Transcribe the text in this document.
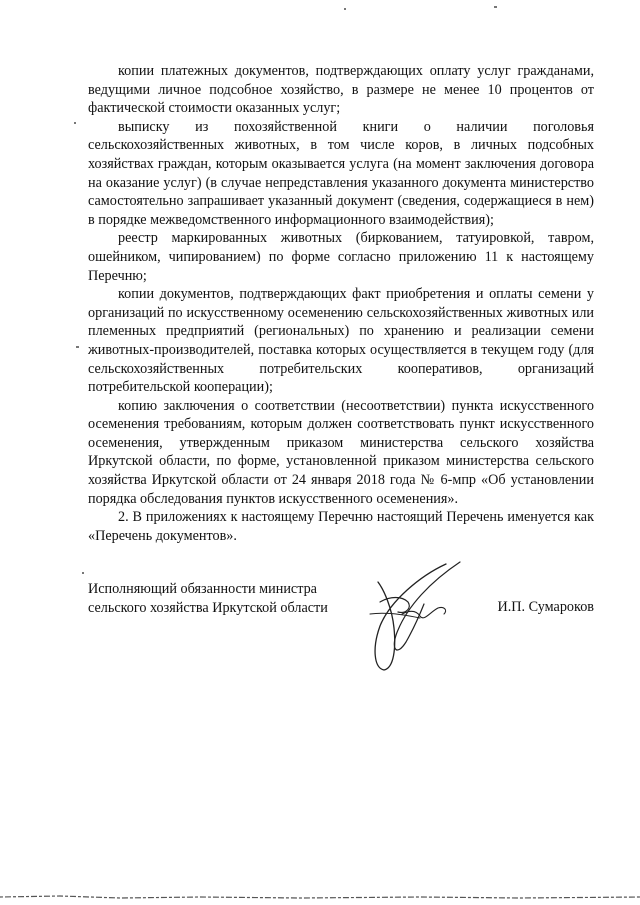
копии платежных документов, подтверждающих оплату услуг гражданами, ведущими личное подсобное хозяйство, в размере не менее 10 процентов от фактической стоимости оказанных услуг;

выписку из похозяйственной книги о наличии поголовья сельскохозяйственных животных, в том числе коров, в личных подсобных хозяйствах граждан, которым оказывается услуга (на момент заключения договора на оказание услуг) (в случае непредставления указанного документа министерство самостоятельно запрашивает указанный документ (сведения, содержащиеся в нем) в порядке межведомственного информационного взаимодействия);

реестр маркированных животных (биркованием, татуировкой, тавром, ошейником, чипированием) по форме согласно приложению 11 к настоящему Перечню;

копии документов, подтверждающих факт приобретения и оплаты семени у организаций по искусственному осеменению сельскохозяйственных животных или племенных предприятий (региональных) по хранению и реализации семени животных-производителей, поставка которых осуществляется в текущем году (для сельскохозяйственных потребительских кооперативов, организаций потребительской кооперации);

копию заключения о соответствии (несоответствии) пункта искусственного осеменения требованиям, которым должен соответствовать пункт искусственного осеменения, утвержденным приказом министерства сельского хозяйства Иркутской области, по форме, установленной приказом министерства сельского хозяйства Иркутской области от 24 января 2018 года № 6-мпр «Об установлении порядка обследования пунктов искусственного осеменения».

2. В приложениях к настоящему Перечню настоящий Перечень именуется как «Перечень документов».

Исполняющий обязанности министра
сельского хозяйства Иркутской области	И.П. Сумароков
